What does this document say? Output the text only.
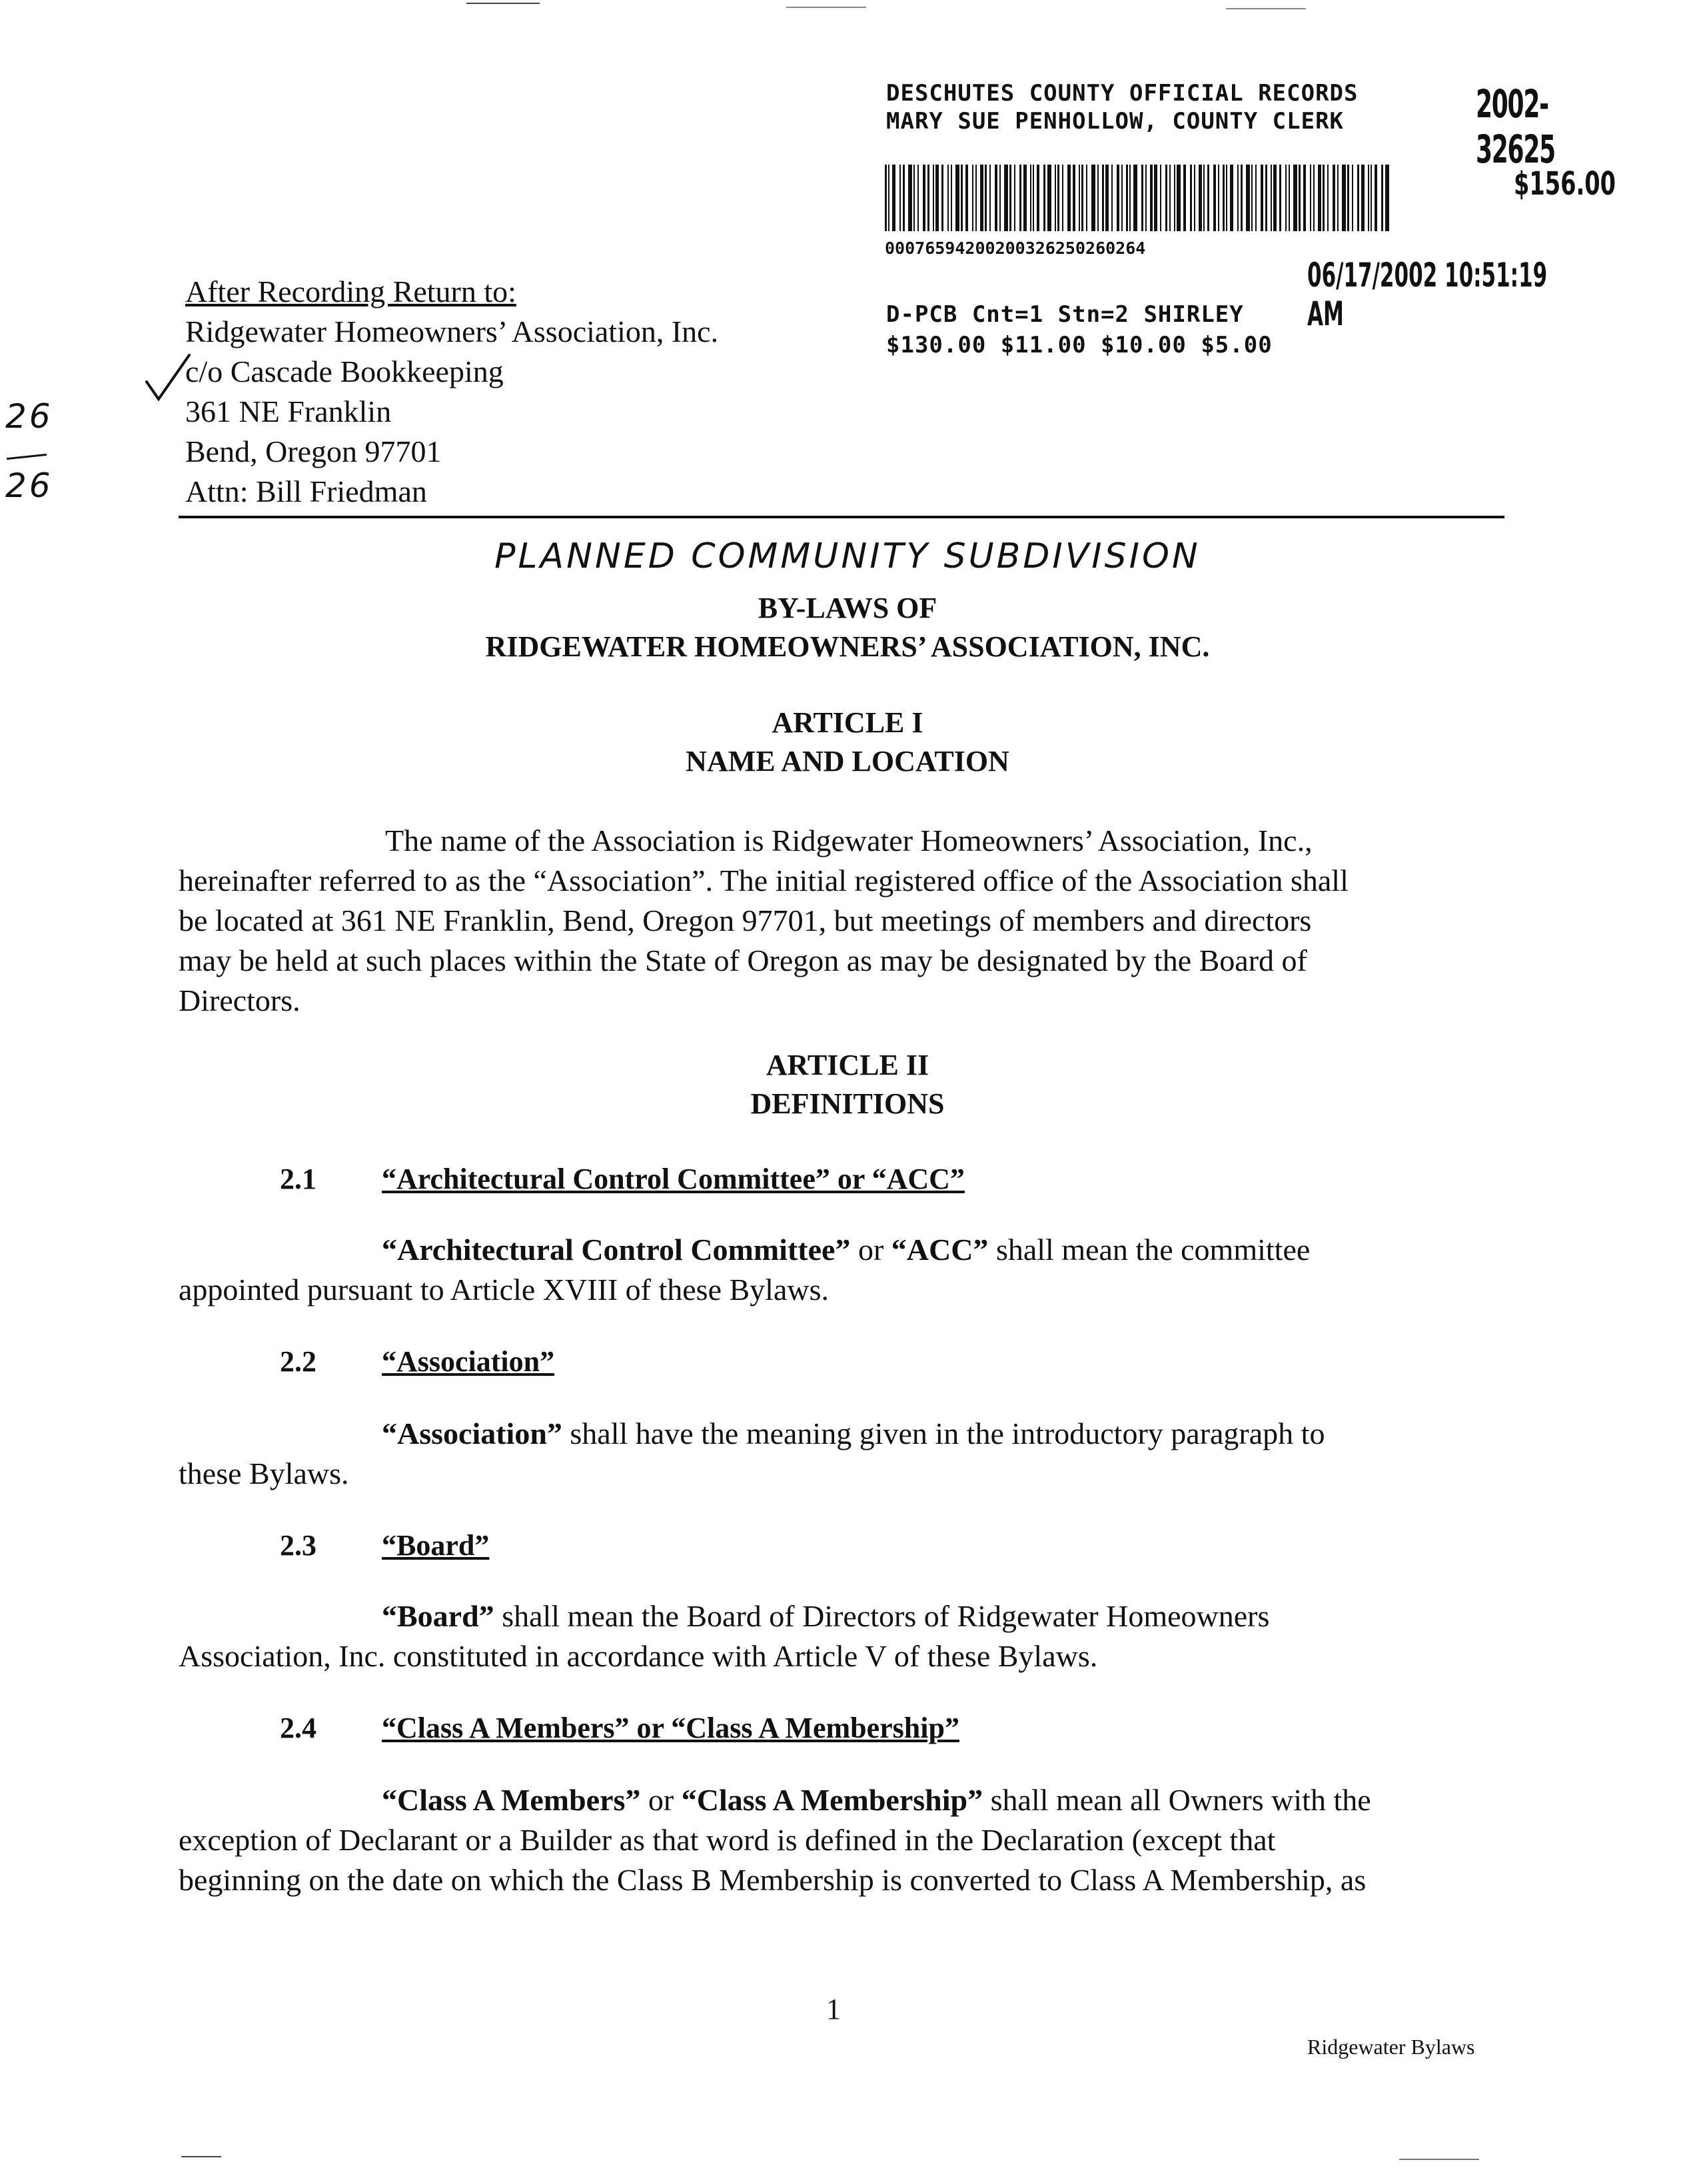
DESCHUTES COUNTY OFFICIAL RECORDS
MARY SUE PENHOLLOW, COUNTY CLERK	2002-32625
$156.00
00076594200200326250260264
06/17/2002 10:51:19 AM
D-PCB Cnt=1 Stn=2 SHIRLEY
$130.00 $11.00 $10.00 $5.00
After Recording Return to:
Ridgewater Homeowners’ Association, Inc.
c/o Cascade Bookkeeping
361 NE Franklin
Bend, Oregon 97701
Attn: Bill Friedman
26
26
PLANNED COMMUNITY SUBDIVISION
BY-LAWS OF
RIDGEWATER HOMEOWNERS’ ASSOCIATION, INC.
ARTICLE I
NAME AND LOCATION
The name of the Association is Ridgewater Homeowners’ Association, Inc.,
hereinafter referred to as the “Association”. The initial registered office of the Association shall
be located at 361 NE Franklin, Bend, Oregon 97701, but meetings of members and directors
may be held at such places within the State of Oregon as may be designated by the Board of
Directors.
ARTICLE II
DEFINITIONS
2.1 “Architectural Control Committee” or “ACC”
“Architectural Control Committee” or “ACC” shall mean the committee
appointed pursuant to Article XVIII of these Bylaws.
2.2 “Association”
“Association” shall have the meaning given in the introductory paragraph to
these Bylaws.
2.3 “Board”
“Board” shall mean the Board of Directors of Ridgewater Homeowners
Association, Inc. constituted in accordance with Article V of these Bylaws.
2.4 “Class A Members” or “Class A Membership”
“Class A Members” or “Class A Membership” shall mean all Owners with the
exception of Declarant or a Builder as that word is defined in the Declaration (except that
beginning on the date on which the Class B Membership is converted to Class A Membership, as
1
Ridgewater Bylaws
